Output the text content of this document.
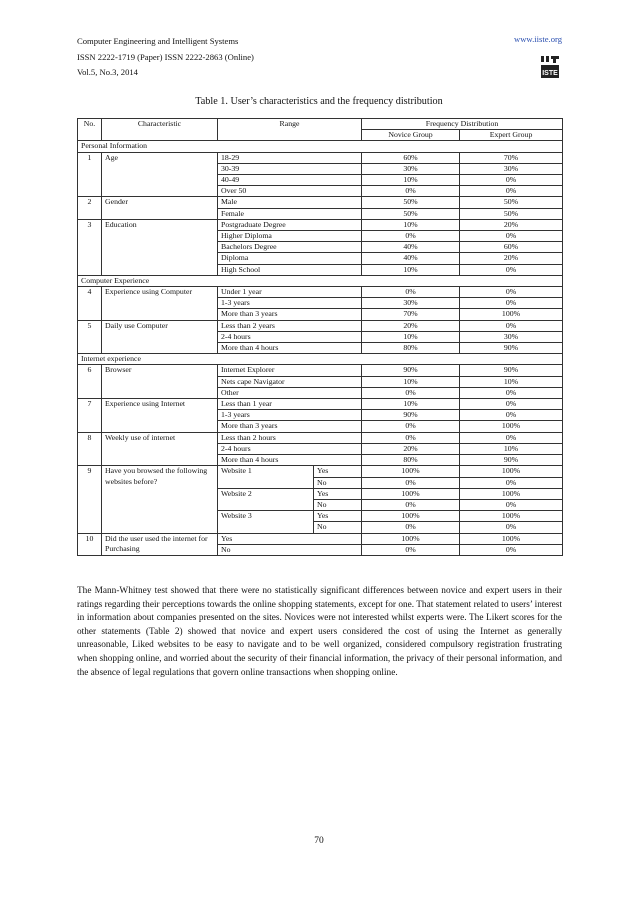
Computer Engineering and Intelligent Systems
ISSN 2222-1719 (Paper) ISSN 2222-2863 (Online)
Vol.5, No.3, 2014
www.iiste.org
ISTE
Table 1. User’s characteristics and the frequency distribution
No.	Characteristic	Range		Frequency Distribution	
				Novice Group	Expert Group
Personal Information					
1	Age	18-29		60%	70%
		30-39		30%	30%
		40-49		10%	0%
		Over 50		0%	0%
2	Gender	Male		50%	50%
		Female		50%	50%
3	Education	Postgraduate Degree		10%	20%
		Higher Diploma		0%	0%
		Bachelors Degree		40%	60%
		Diploma		40%	20%
		High School		10%	0%
Computer Experience					
4	Experience using Computer	Under 1 year		0%	0%
		1-3 years		30%	0%
		More than 3 years		70%	100%
5	Daily use Computer	Less than 2 years		20%	0%
		2-4 hours		10%	30%
		More than 4 hours		80%	90%
Internet experience					
6	Browser	Internet Explorer		90%	90%
		Nets cape Navigator		10%	10%
		Other		0%	0%
7	Experience using Internet	Less than 1 year		10%	0%
		1-3 years		90%	0%
		More than 3 years		0%	100%
8	Weekly use of internet	Less than 2 hours		0%	0%
		2-4 hours		20%	10%
		More than 4 hours		80%	90%
9	Have you browsed the following websites before?	Website 1	Yes	100%	100%
			No	0%	0%
		Website 2	Yes	100%	100%
			No	0%	0%
		Website 3	Yes	100%	100%
			No	0%	0%
10	Did the user used the internet for Purchasing	Yes		100%	100%
		No		0%	0%
The Mann-Whitney test showed that there were no statistically significant differences between novice and expert users in their ratings regarding their perceptions towards the online shopping statements, except for one. That statement related to users’ interest in information about companies presented on the sites. Novices were not interested whilst experts were. The Likert scores for the other statements (Table 2) showed that novice and expert users considered the cost of using the Internet as generally unreasonable, Liked websites to be easy to navigate and to be well organized, considered compulsory registration frustrating when shopping online, and worried about the security of their financial information, the privacy of their personal information, and the absence of legal regulations that govern online transactions when shopping online.
70
